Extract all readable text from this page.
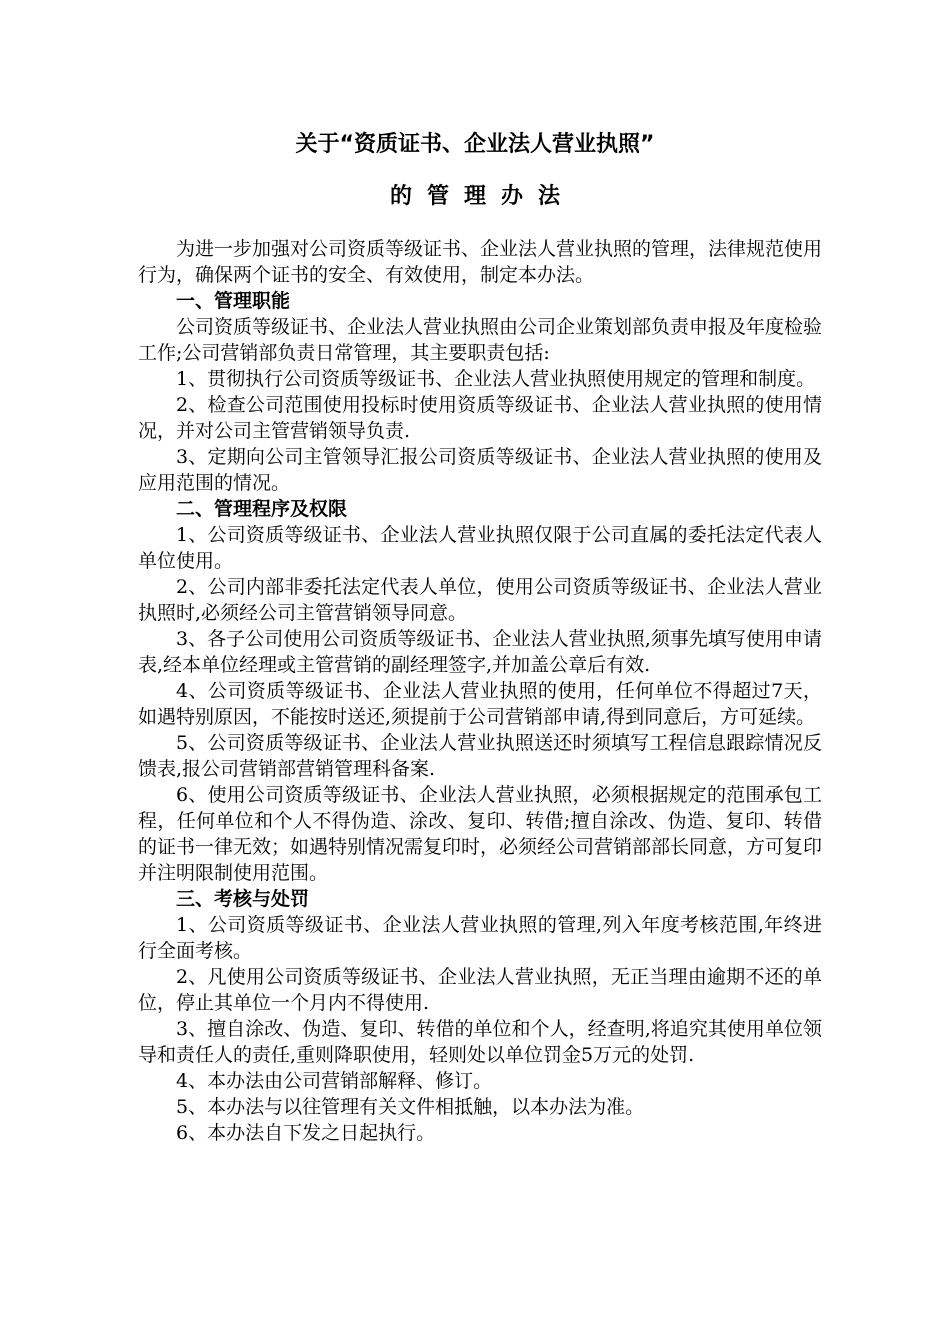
关于“资质证书、企业法人营业执照”
的管理办法

为进一步加强对公司资质等级证书、企业法人营业执照的管理，法律规范使用行为，确保两个证书的安全、有效使用，制定本办法。

一、管理职能

公司资质等级证书、企业法人营业执照由公司企业策划部负责申报及年度检验工作;公司营销部负责日常管理，其主要职责包括:

1、贯彻执行公司资质等级证书、企业法人营业执照使用规定的管理和制度。

2、检查公司范围使用投标时使用资质等级证书、企业法人营业执照的使用情况，并对公司主管营销领导负责.

3、定期向公司主管领导汇报公司资质等级证书、企业法人营业执照的使用及应用范围的情况。

二、管理程序及权限

1、公司资质等级证书、企业法人营业执照仅限于公司直属的委托法定代表人单位使用。

2、公司内部非委托法定代表人单位，使用公司资质等级证书、企业法人营业执照时,必须经公司主管营销领导同意。

3、各子公司使用公司资质等级证书、企业法人营业执照,须事先填写使用申请表,经本单位经理或主管营销的副经理签字,并加盖公章后有效.

4、公司资质等级证书、企业法人营业执照的使用，任何单位不得超过7天，如遇特别原因，不能按时送还,须提前于公司营销部申请,得到同意后，方可延续。

5、公司资质等级证书、企业法人营业执照送还时须填写工程信息跟踪情况反馈表,报公司营销部营销管理科备案.

6、使用公司资质等级证书、企业法人营业执照，必须根据规定的范围承包工程，任何单位和个人不得伪造、涂改、复印、转借;擅自涂改、伪造、复印、转借的证书一律无效；如遇特别情况需复印时，必须经公司营销部部长同意，方可复印并注明限制使用范围。

三、考核与处罚

1、公司资质等级证书、企业法人营业执照的管理,列入年度考核范围,年终进行全面考核。

2、凡使用公司资质等级证书、企业法人营业执照，无正当理由逾期不还的单位，停止其单位一个月内不得使用.

3、擅自涂改、伪造、复印、转借的单位和个人，经查明,将追究其使用单位领导和责任人的责任,重则降职使用，轻则处以单位罚金5万元的处罚.

4、本办法由公司营销部解释、修订。

5、本办法与以往管理有关文件相抵触，以本办法为准。

6、本办法自下发之日起执行。
